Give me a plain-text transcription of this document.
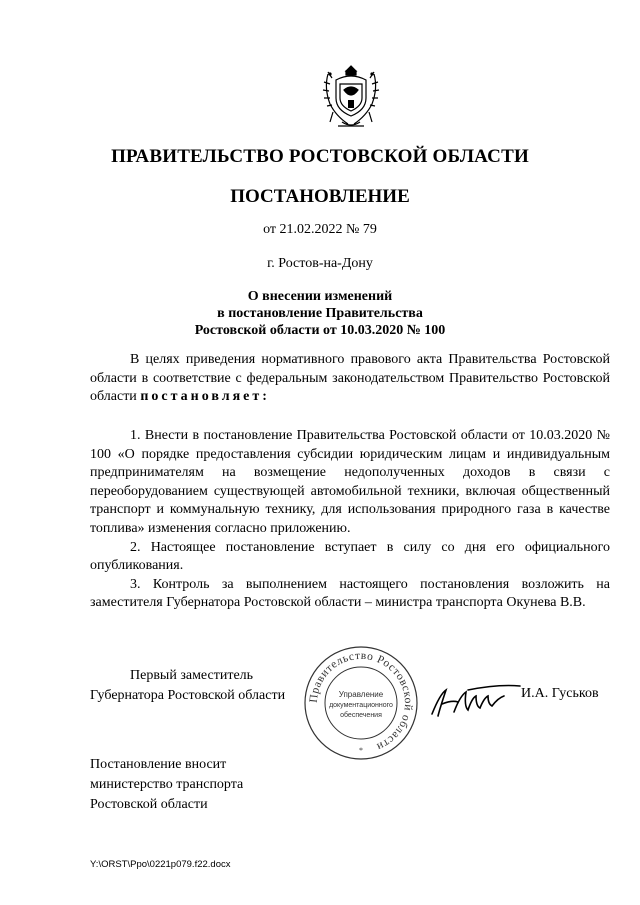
ПРАВИТЕЛЬСТВО РОСТОВСКОЙ ОБЛАСТИ
ПОСТАНОВЛЕНИЕ
от 21.02.2022 № 79
г. Ростов-на-Дону
О внесении изменений
в постановление Правительства
Ростовской области от 10.03.2020 № 100

В целях приведения нормативного правового акта Правительства Ростовской области в соответствие с федеральным законодательством Правительство Ростовской области постановляет:

1. Внести в постановление Правительства Ростовской области от 10.03.2020 № 100 «О порядке предоставления субсидии юридическим лицам и индивидуальным предпринимателям на возмещение недополученных доходов в связи с переоборудованием существующей автомобильной техники, включая общественный транспорт и коммунальную технику, для использования природного газа в качестве топлива» изменения согласно приложению.

2. Настоящее постановление вступает в силу со дня его официального опубликования.

3. Контроль за выполнением настоящего постановления возложить на заместителя Губернатора Ростовской области – министра транспорта Окунева В.В.

Первый заместитель
Губернатора Ростовской области Правительство Ростовской области
Управление
документационного
обеспечения
*
И.А. Гуськов
Постановление вносит
министерство транспорта
Ростовской области
Y:\ORST\Ppo\0221p079.f22.docx
